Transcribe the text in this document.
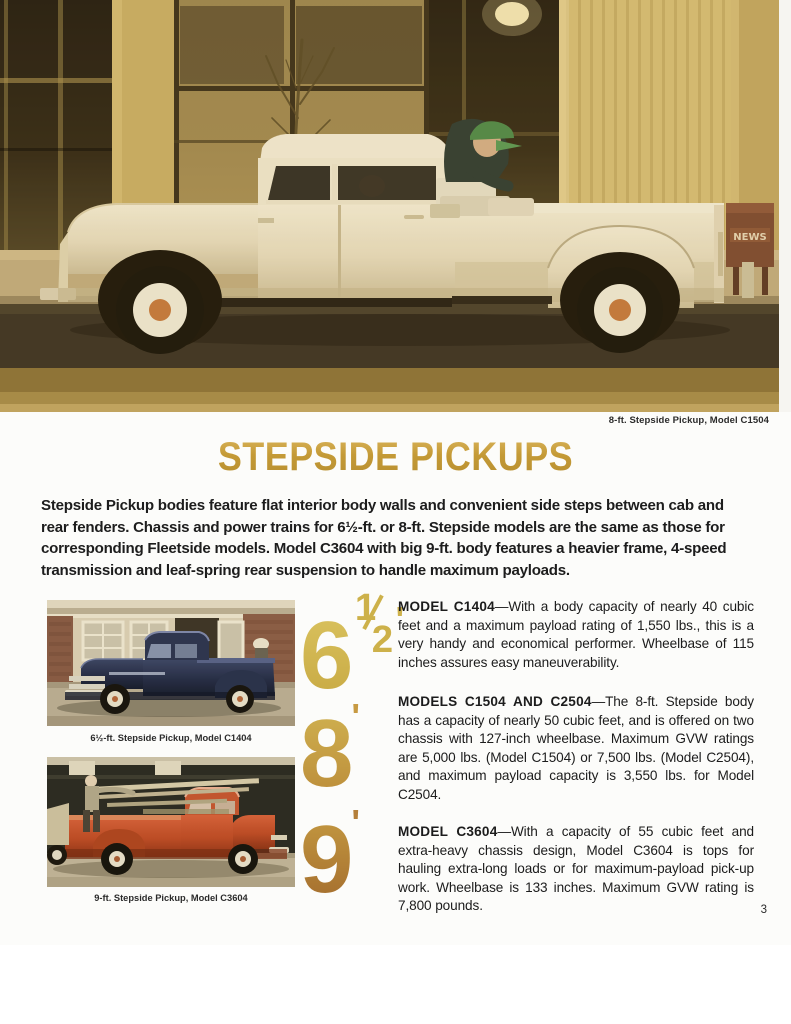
NEWS
8-ft. Stepside Pickup, Model C1504
STEPSIDE PICKUPS
Stepside Pickup bodies feature flat interior body walls and convenient side steps between cab and rear fenders. Chassis and power trains for 6½-ft. or 8-ft. Stepside models are the same as those for corresponding Fleetside models. Model C3604 with big 9-ft. body features a heavier frame, 4-speed transmission and leaf-spring rear suspension to handle maximum payloads.
6½-ft. Stepside Pickup, Model C1404
9-ft. Stepside Pickup, Model C3604
6 1
2 '
8'
9'
MODEL C1404—With a body capacity of nearly 40 cubic feet and a maximum payload rating of 1,550 lbs., this is a very handy and economical performer. Wheelbase of 115 inches assures easy maneuverability.
MODELS C1504 AND C2504—The 8-ft. Stepside body has a capacity of nearly 50 cubic feet, and is offered on two chassis with 127-inch wheelbase. Maximum GVW ratings are 5,000 lbs. (Model C1504) or 7,500 lbs. (Model C2504), and maximum payload capacity is 3,550 lbs. for Model C2504.
MODEL C3604—With a capacity of 55 cubic feet and extra-heavy chassis design, Model C3604 is tops for hauling extra-long loads or for maximum-payload pick-up work. Wheelbase is 133 inches. Maximum GVW rating is 7,800 pounds.	3
